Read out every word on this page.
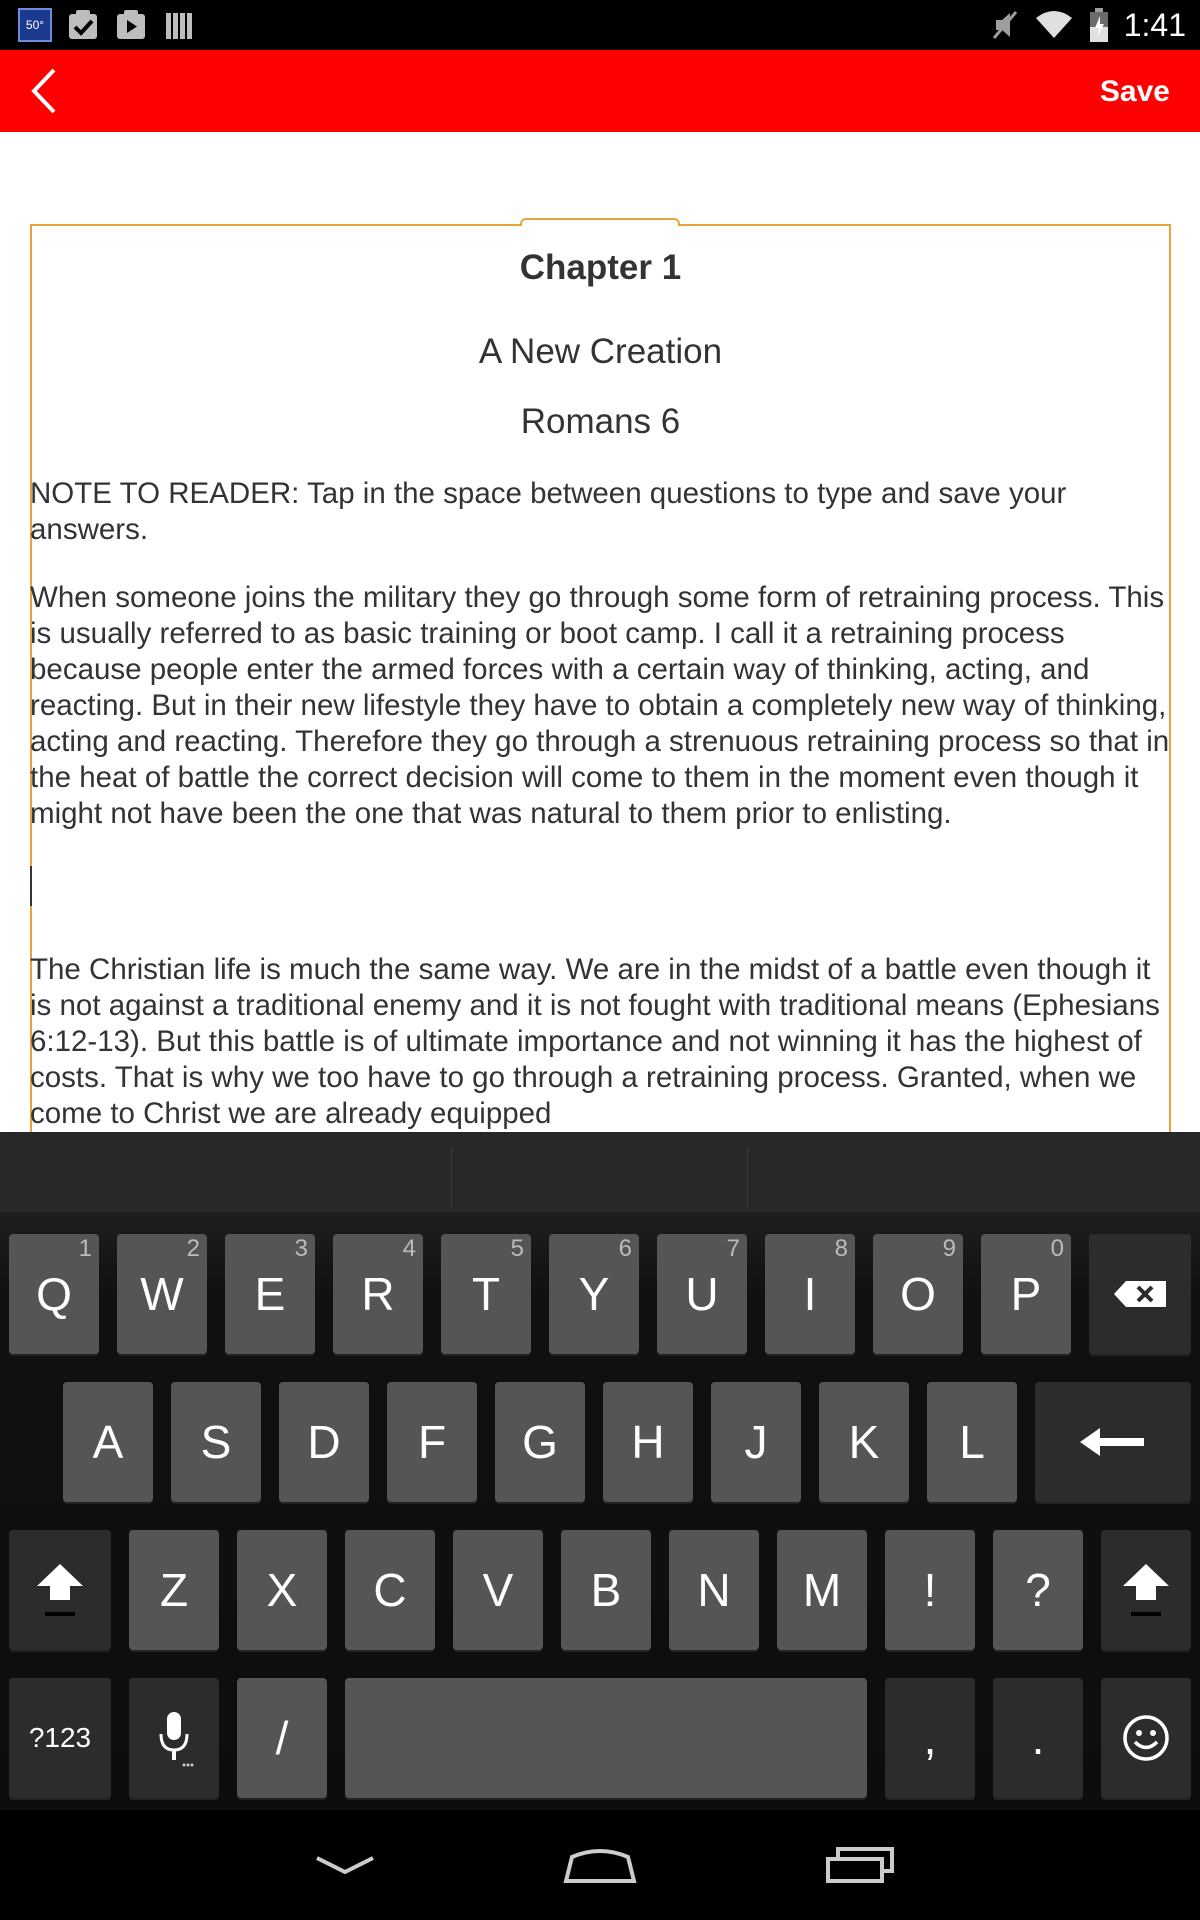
50°	1:41
Save
Chapter 1
A New Creation
Romans 6
NOTE TO READER: Tap in the space between questions to type and save your answers.
When someone joins the military they go through some form of retraining process. This is usually referred to as basic training or boot camp. I call it a retraining process because people enter the armed forces with a certain way of thinking, acting, and reacting. But in their new lifestyle they have to obtain a completely new way of thinking, acting and reacting. Therefore they go through a strenuous retraining process so that in the heat of battle the correct decision will come to them in the moment even though it might not have been the one that was natural to them prior to enlisting.
The Christian life is much the same way. We are in the midst of a battle even though it is not against a traditional enemy and it is not fought with traditional means (Ephesians 6:12-13). But this battle is of ultimate importance and not winning it has the highest of costs. That is why we too have to go through a retraining process. Granted, when we come to Christ we are already equipped
Q
1
W
2
E
3
R
4
T
5
Y
6
U
7
I
8
O
9
P
0
A	S	D	F	G	H	J	K	L
Z	X	C	V	B	N	M	!	?
?123	/	,	.
